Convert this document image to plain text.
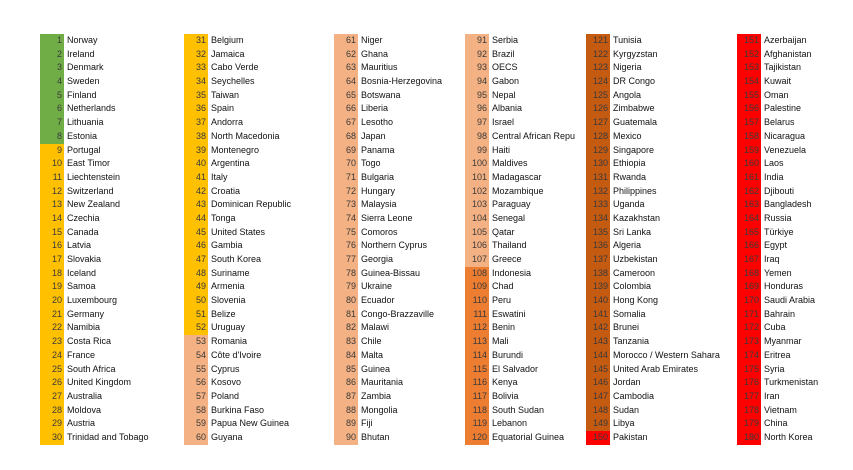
1 Norway
2 Ireland
3 Denmark
4 Sweden
5 Finland
6 Netherlands
7 Lithuania
8 Estonia
9 Portugal
10 East Timor
11 Liechtenstein
12 Switzerland
13 New Zealand
14 Czechia
15 Canada
16 Latvia
17 Slovakia
18 Iceland
19 Samoa
20 Luxembourg
21 Germany
22 Namibia
23 Costa Rica
24 France
25 South Africa
26 United Kingdom
27 Australia
28 Moldova
29 Austria
30 Trinidad and Tobago
31 Belgium
32 Jamaica
33 Cabo Verde
34 Seychelles
35 Taiwan
36 Spain
37 Andorra
38 North Macedonia
39 Montenegro
40 Argentina
41 Italy
42 Croatia
43 Dominican Republic
44 Tonga
45 United States
46 Gambia
47 South Korea
48 Suriname
49 Armenia
50 Slovenia
51 Belize
52 Uruguay
53 Romania
54 Côte d'Ivoire
55 Cyprus
56 Kosovo
57 Poland
58 Burkina Faso
59 Papua New Guinea
60 Guyana
61 Niger
62 Ghana
63 Mauritius
64 Bosnia-Herzegovina
65 Botswana
66 Liberia
67 Lesotho
68 Japan
69 Panama
70 Togo
71 Bulgaria
72 Hungary
73 Malaysia
74 Sierra Leone
75 Comoros
76 Northern Cyprus
77 Georgia
78 Guinea-Bissau
79 Ukraine
80 Ecuador
81 Congo-Brazzaville
82 Malawi
83 Chile
84 Malta
85 Guinea
86 Mauritania
87 Zambia
88 Mongolia
89 Fiji
90 Bhutan
91 Serbia
92 Brazil
93 OECS
94 Gabon
95 Nepal
96 Albania
97 Israel
98 Central African Repu
99 Haiti
100 Maldives
101 Madagascar
102 Mozambique
103 Paraguay
104 Senegal
105 Qatar
106 Thailand
107 Greece
108 Indonesia
109 Chad
110 Peru
111 Eswatini
112 Benin
113 Mali
114 Burundi
115 El Salvador
116 Kenya
117 Bolivia
118 South Sudan
119 Lebanon
120 Equatorial Guinea
121 Tunisia
122 Kyrgyzstan
123 Nigeria
124 DR Congo
125 Angola
126 Zimbabwe
127 Guatemala
128 Mexico
129 Singapore
130 Ethiopia
131 Rwanda
132 Philippines
133 Uganda
134 Kazakhstan
135 Sri Lanka
136 Algeria
137 Uzbekistan
138 Cameroon
139 Colombia
140 Hong Kong
141 Somalia
142 Brunei
143 Tanzania
144 Morocco / Western Sahara
145 United Arab Emirates
146 Jordan
147 Cambodia
148 Sudan
149 Libya
150 Pakistan
151 Azerbaijan
152 Afghanistan
153 Tajikistan
154 Kuwait
155 Oman
156 Palestine
157 Belarus
158 Nicaragua
159 Venezuela
160 Laos
161 India
162 Djibouti
163 Bangladesh
164 Russia
165 Türkiye
166 Egypt
167 Iraq
168 Yemen
169 Honduras
170 Saudi Arabia
171 Bahrain
172 Cuba
173 Myanmar
174 Eritrea
175 Syria
176 Turkmenistan
177 Iran
178 Vietnam
179 China
180 North Korea
